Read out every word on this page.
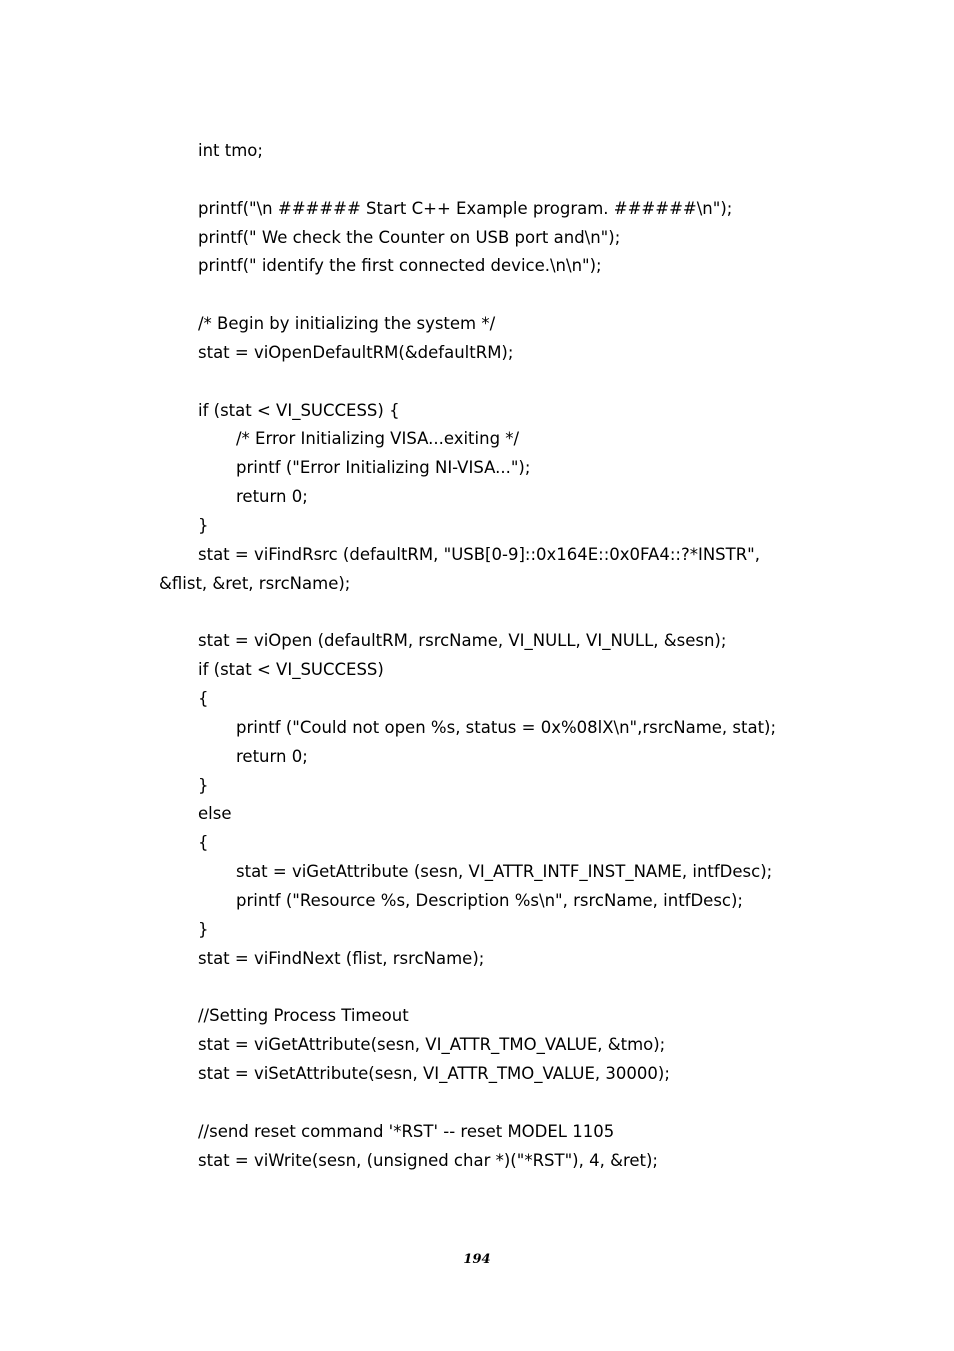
int tmo;
printf("\n ###### Start C++ Example program. ######\n");
printf(" We check the Counter on USB port and\n");
printf(" identify the first connected device.\n\n");
/* Begin by initializing the system */
stat = viOpenDefaultRM(&defaultRM);
if (stat < VI_SUCCESS) {
/* Error Initializing VISA...exiting */
printf ("Error Initializing NI-VISA...");
return 0;
}
stat = viFindRsrc (defaultRM, "USB[0-9]::0x164E::0x0FA4::?*INSTR",
&flist, &ret, rsrcName);
stat = viOpen (defaultRM, rsrcName, VI_NULL, VI_NULL, &sesn);
if (stat < VI_SUCCESS)
{
printf ("Could not open %s, status = 0x%08lX\n",rsrcName, stat);
return 0;
}
else
{
stat = viGetAttribute (sesn, VI_ATTR_INTF_INST_NAME, intfDesc);
printf ("Resource %s, Description %s\n", rsrcName, intfDesc);
}
stat = viFindNext (flist, rsrcName);
//Setting Process Timeout
stat = viGetAttribute(sesn, VI_ATTR_TMO_VALUE, &tmo);
stat = viSetAttribute(sesn, VI_ATTR_TMO_VALUE, 30000);
//send reset command '*RST' -- reset MODEL 1105
stat = viWrite(sesn, (unsigned char *)("*RST"), 4, &ret);
194
